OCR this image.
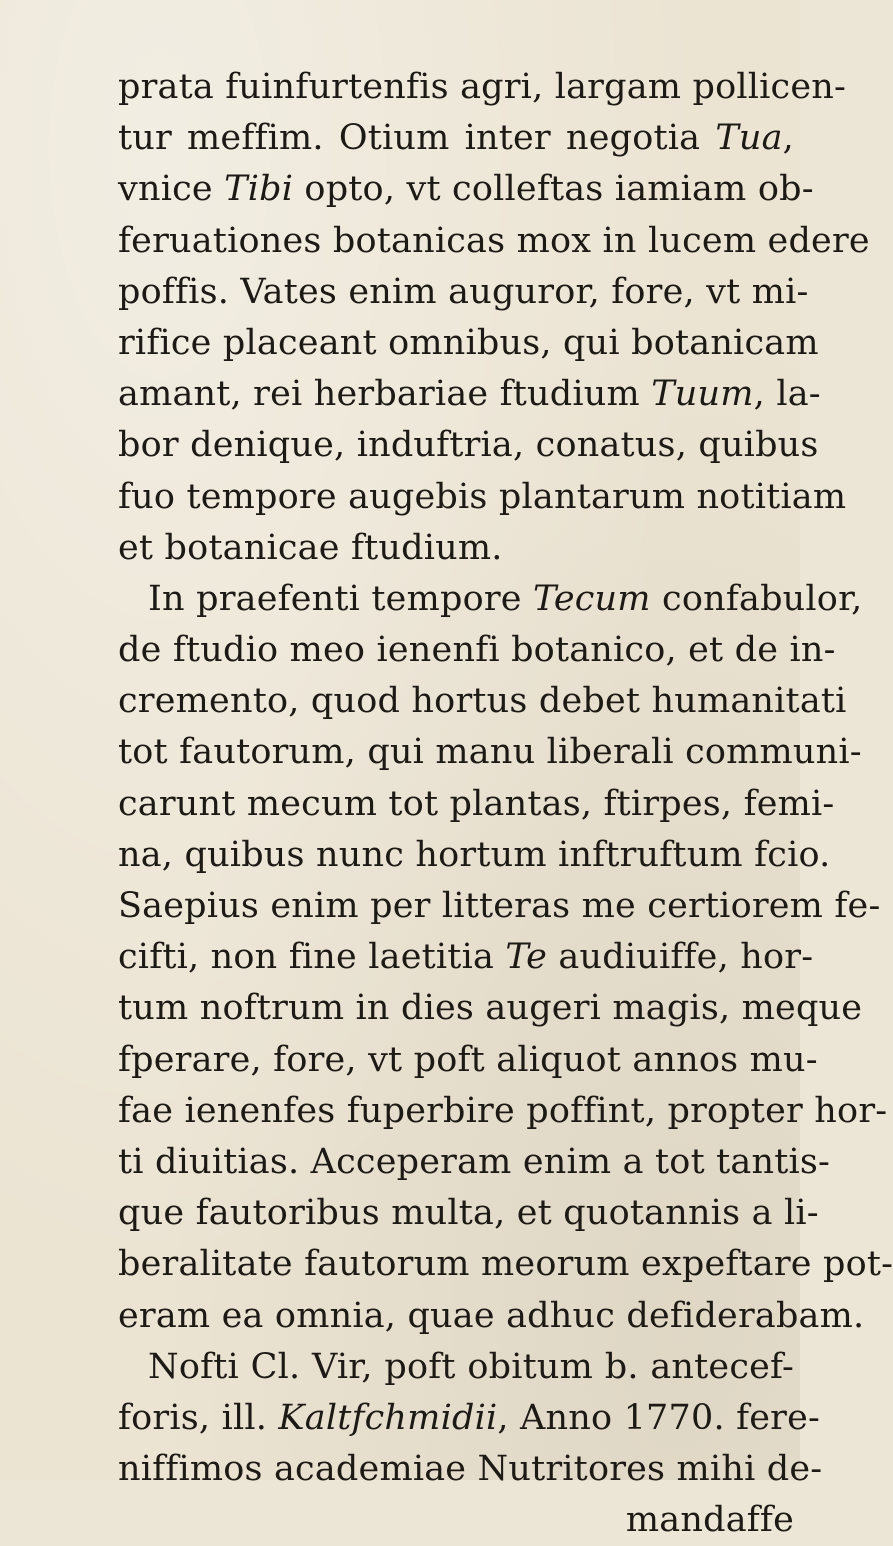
prata fuinfurtenfis agri, largam pollicen-
tur meffim. Otium inter negotia Tua,
vnice Tibi opto, vt colleftas iamiam ob-
feruationes botanicas mox in lucem edere
poffis. Vates enim auguror, fore, vt mi-
rifice placeant omnibus, qui botanicam
amant, rei herbariae ftudium Tuum, la-
bor denique, induftria, conatus, quibus
fuo tempore augebis plantarum notitiam
et botanicae ftudium.
In praefenti tempore Tecum confabulor,
de ftudio meo ienenfi botanico, et de in-
cremento, quod hortus debet humanitati
tot fautorum, qui manu liberali communi-
carunt mecum tot plantas, ftirpes, femi-
na, quibus nunc hortum inftruftum fcio.
Saepius enim per litteras me certiorem fe-
cifti, non fine laetitia Te audiuiffe, hor-
tum noftrum in dies augeri magis, meque
fperare, fore, vt poft aliquot annos mu-
fae ienenfes fuperbire poffint, propter hor-
ti diuitias. Acceperam enim a tot tantis-
que fautoribus multa, et quotannis a li-
beralitate fautorum meorum expeftare pot-
eram ea omnia, quae adhuc defiderabam.
Nofti Cl. Vir, poft obitum b. antecef-
foris, ill. Kaltfchmidii, Anno 1770. fere-
niffimos academiae Nutritores mihi de-
mandaffe
